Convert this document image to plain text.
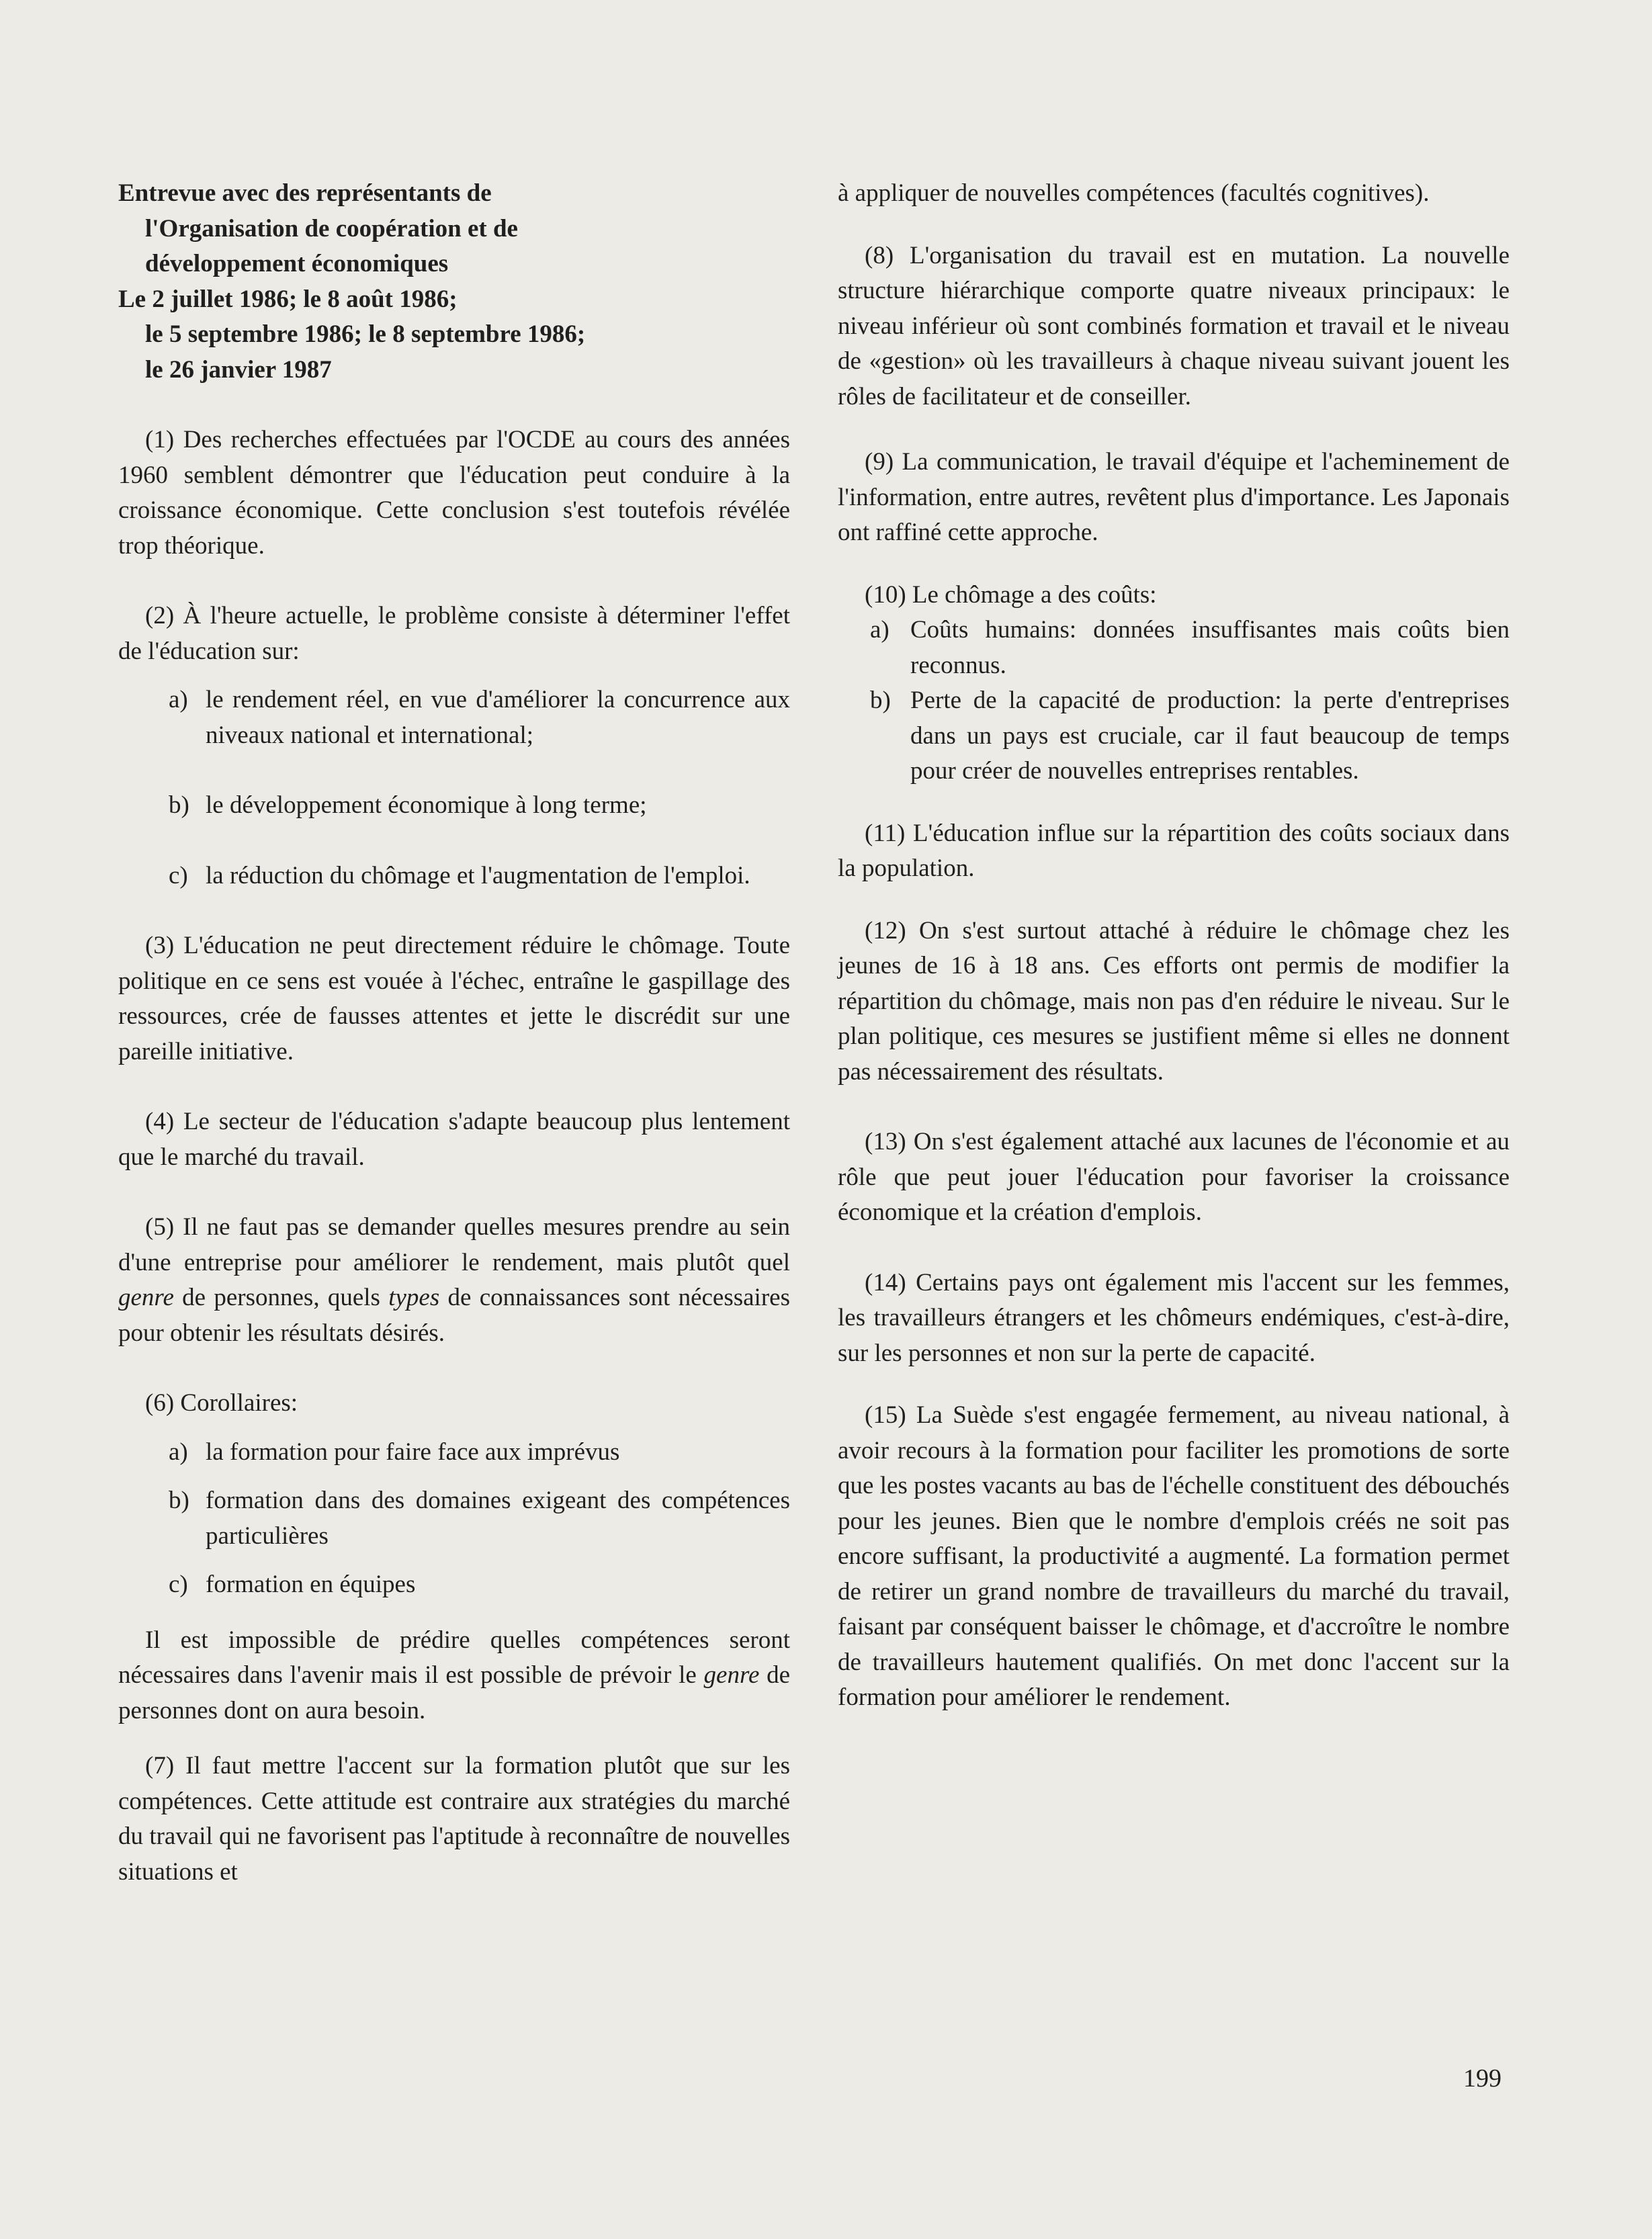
Entrevue avec des représentants de
l'Organisation de coopération et de
développement économiques
Le 2 juillet 1986; le 8 août 1986;
le 5 septembre 1986; le 8 septembre 1986;
le 26 janvier 1987

(1) Des recherches effectuées par l'OCDE au cours des années 1960 semblent démontrer que l'éducation peut conduire à la croissance économique. Cette conclusion s'est toutefois révélée trop théorique.

(2) À l'heure actuelle, le problème consiste à déterminer l'effet de l'éducation sur:

a) le rendement réel, en vue d'améliorer la concurrence aux niveaux national et international;
b) le développement économique à long terme;
c) la réduction du chômage et l'augmentation de l'emploi.

(3) L'éducation ne peut directement réduire le chômage. Toute politique en ce sens est vouée à l'échec, entraîne le gaspillage des ressources, crée de fausses attentes et jette le discrédit sur une pareille initiative.

(4) Le secteur de l'éducation s'adapte beaucoup plus lentement que le marché du travail.

(5) Il ne faut pas se demander quelles mesures prendre au sein d'une entreprise pour améliorer le rendement, mais plutôt quel genre de personnes, quels types de connaissances sont nécessaires pour obtenir les résultats désirés.

(6) Corollaires:

a) la formation pour faire face aux imprévus
b) formation dans des domaines exigeant des compétences particulières
c) formation en équipes

Il est impossible de prédire quelles compétences seront nécessaires dans l'avenir mais il est possible de prévoir le genre de personnes dont on aura besoin.

(7) Il faut mettre l'accent sur la formation plutôt que sur les compétences. Cette attitude est contraire aux stratégies du marché du travail qui ne favorisent pas l'aptitude à reconnaître de nouvelles situations et

à appliquer de nouvelles compétences (facultés cognitives).

(8) L'organisation du travail est en mutation. La nouvelle structure hiérarchique comporte quatre niveaux principaux: le niveau inférieur où sont combinés formation et travail et le niveau de «gestion» où les travailleurs à chaque niveau suivant jouent les rôles de facilitateur et de conseiller.

(9) La communication, le travail d'équipe et l'acheminement de l'information, entre autres, revêtent plus d'importance. Les Japonais ont raffiné cette approche.

(10) Le chômage a des coûts:

a) Coûts humains: données insuffisantes mais coûts bien reconnus.
b) Perte de la capacité de production: la perte d'entreprises dans un pays est cruciale, car il faut beaucoup de temps pour créer de nouvelles entreprises rentables.

(11) L'éducation influe sur la répartition des coûts sociaux dans la population.

(12) On s'est surtout attaché à réduire le chômage chez les jeunes de 16 à 18 ans. Ces efforts ont permis de modifier la répartition du chômage, mais non pas d'en réduire le niveau. Sur le plan politique, ces mesures se justifient même si elles ne donnent pas nécessairement des résultats.

(13) On s'est également attaché aux lacunes de l'économie et au rôle que peut jouer l'éducation pour favoriser la croissance économique et la création d'emplois.

(14) Certains pays ont également mis l'accent sur les femmes, les travailleurs étrangers et les chômeurs endémiques, c'est-à-dire, sur les personnes et non sur la perte de capacité.

(15) La Suède s'est engagée fermement, au niveau national, à avoir recours à la formation pour faciliter les promotions de sorte que les postes vacants au bas de l'échelle constituent des débouchés pour les jeunes. Bien que le nombre d'emplois créés ne soit pas encore suffisant, la productivité a augmenté. La formation permet de retirer un grand nombre de travailleurs du marché du travail, faisant par conséquent baisser le chômage, et d'accroître le nombre de travailleurs hautement qualifiés. On met donc l'accent sur la formation pour améliorer le rendement.

199
